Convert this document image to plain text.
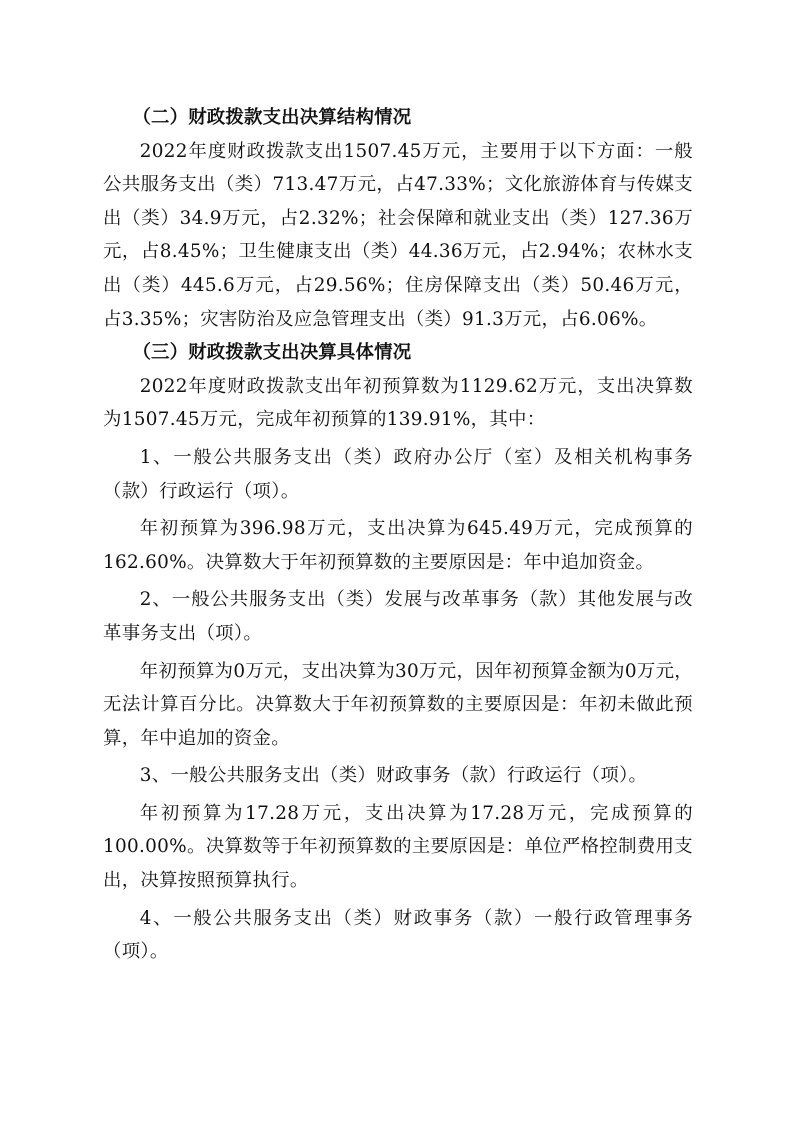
（二）财政拨款支出决算结构情况

2022年度财政拨款支出1507.45万元，主要用于以下方面：一般公共服务支出（类）713.47万元，占47.33%；文化旅游体育与传媒支出（类）34.9万元，占2.32%；社会保障和就业支出（类）127.36万元，占8.45%；卫生健康支出（类）44.36万元，占2.94%；农林水支出（类）445.6万元，占29.56%；住房保障支出（类）50.46万元，占3.35%；灾害防治及应急管理支出（类）91.3万元，占6.06%。

（三）财政拨款支出决算具体情况

2022年度财政拨款支出年初预算数为1129.62万元，支出决算数为1507.45万元，完成年初预算的139.91%，其中：

1、一般公共服务支出（类）政府办公厅（室）及相关机构事务（款）行政运行（项）。

年初预算为396.98万元，支出决算为645.49万元，完成预算的162.60%。决算数大于年初预算数的主要原因是：年中追加资金。

2、一般公共服务支出（类）发展与改革事务（款）其他发展与改革事务支出（项）。

年初预算为0万元，支出决算为30万元，因年初预算金额为0万元，无法计算百分比。决算数大于年初预算数的主要原因是：年初未做此预算，年中追加的资金。

3、一般公共服务支出（类）财政事务（款）行政运行（项）。

年初预算为17.28万元，支出决算为17.28万元，完成预算的100.00%。决算数等于年初预算数的主要原因是：单位严格控制费用支出，决算按照预算执行。

4、一般公共服务支出（类）财政事务（款）一般行政管理事务（项）。
